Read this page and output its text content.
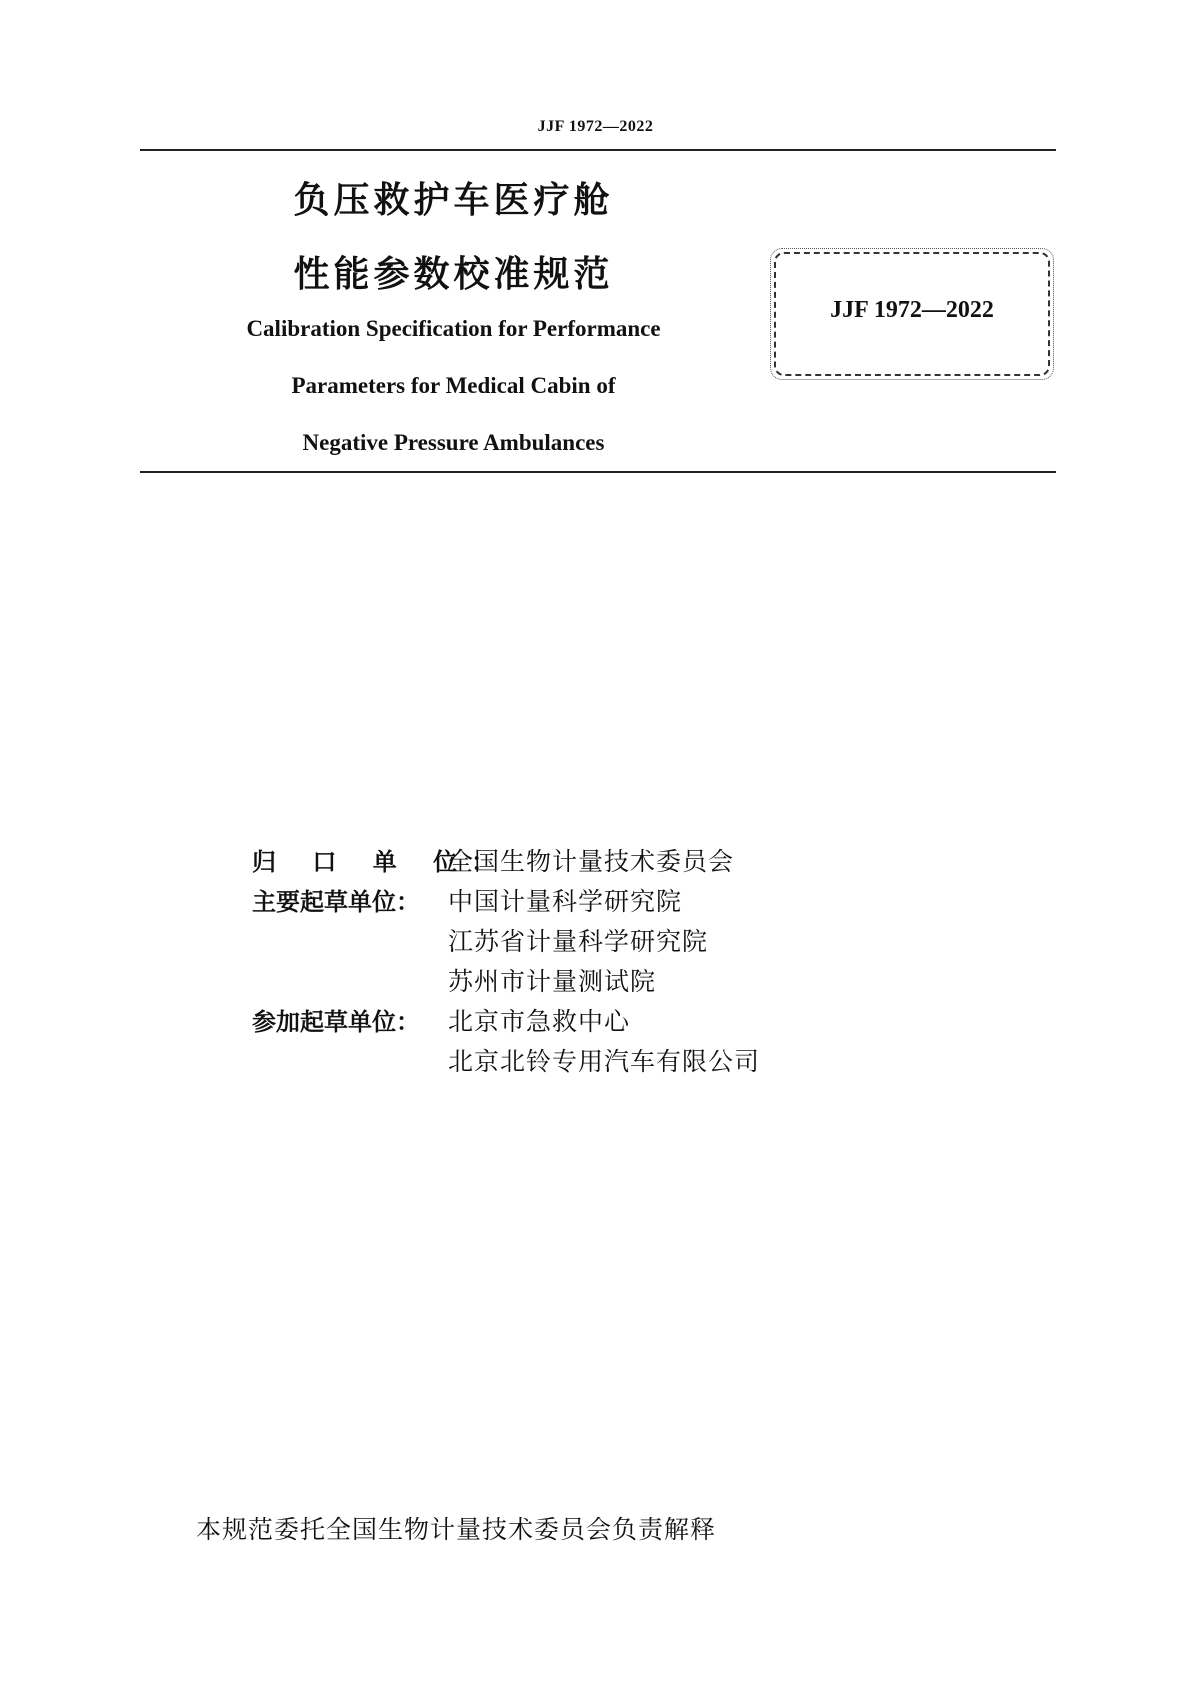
JJF 1972—2022
负压救护车医疗舱
性能参数校准规范
Calibration Specification for Performance
Parameters for Medical Cabin of
Negative Pressure Ambulances
JJF 1972—2022
归 口 单 位：
全国生物计量技术委员会
主要起草单位：	中国计量科学研究院
江苏省计量科学研究院
苏州市计量测试院
参加起草单位：	北京市急救中心
北京北铃专用汽车有限公司
本规范委托全国生物计量技术委员会负责解释
